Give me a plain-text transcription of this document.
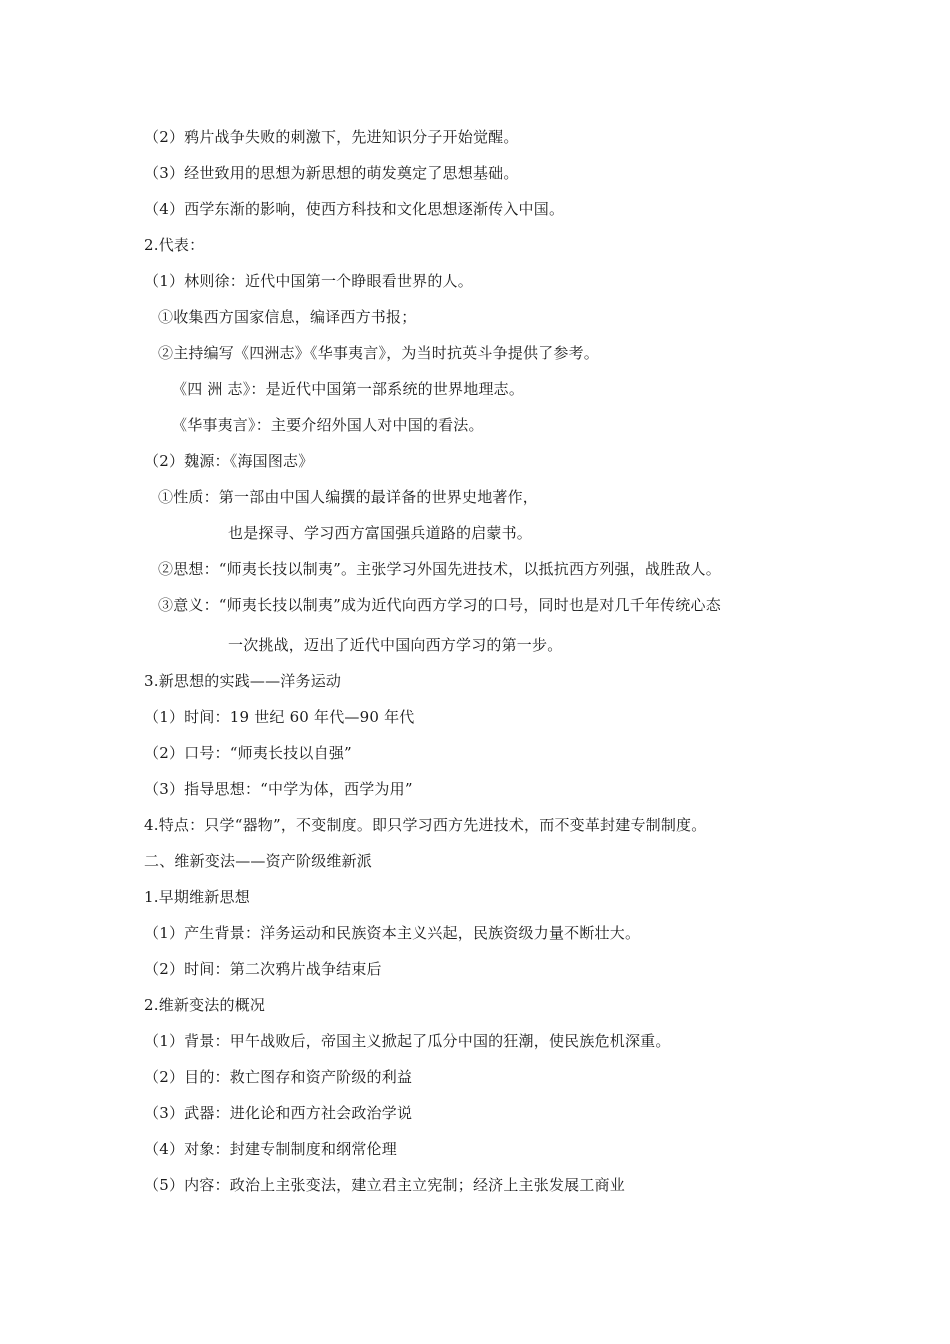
（2）鸦片战争失败的刺激下，先进知识分子开始觉醒。
（3）经世致用的思想为新思想的萌发奠定了思想基础。
（4）西学东渐的影响，使西方科技和文化思想逐渐传入中国。
2.代表：
（1）林则徐：近代中国第一个睁眼看世界的人。
①收集西方国家信息，编译西方书报；
②主持编写《四洲志》《华事夷言》，为当时抗英斗争提供了参考。
《四 洲 志》：是近代中国第一部系统的世界地理志。
《华事夷言》：主要介绍外国人对中国的看法。
（2）魏源：《海国图志》
①性质：第一部由中国人编撰的最详备的世界史地著作，
也是探寻、学习西方富国强兵道路的启蒙书。
②思想：“师夷长技以制夷”。主张学习外国先进技术，以抵抗西方列强，战胜敌人。
③意义：“师夷长技以制夷”成为近代向西方学习的口号，同时也是对几千年传统心态
一次挑战，迈出了近代中国向西方学习的第一步。
3.新思想的实践——洋务运动
（1）时间：19 世纪 60 年代—90 年代
（2）口号：“师夷长技以自强”
（3）指导思想：“中学为体，西学为用”
4.特点：只学“器物”，不变制度。即只学习西方先进技术，而不变革封建专制制度。
二、维新变法——资产阶级维新派
1.早期维新思想
（1）产生背景：洋务运动和民族资本主义兴起，民族资级力量不断壮大。
（2）时间：第二次鸦片战争结束后
2.维新变法的概况
（1）背景：甲午战败后，帝国主义掀起了瓜分中国的狂潮，使民族危机深重。
（2）目的：救亡图存和资产阶级的利益
（3）武器：进化论和西方社会政治学说
（4）对象：封建专制制度和纲常伦理
（5）内容：政治上主张变法，建立君主立宪制；经济上主张发展工商业
